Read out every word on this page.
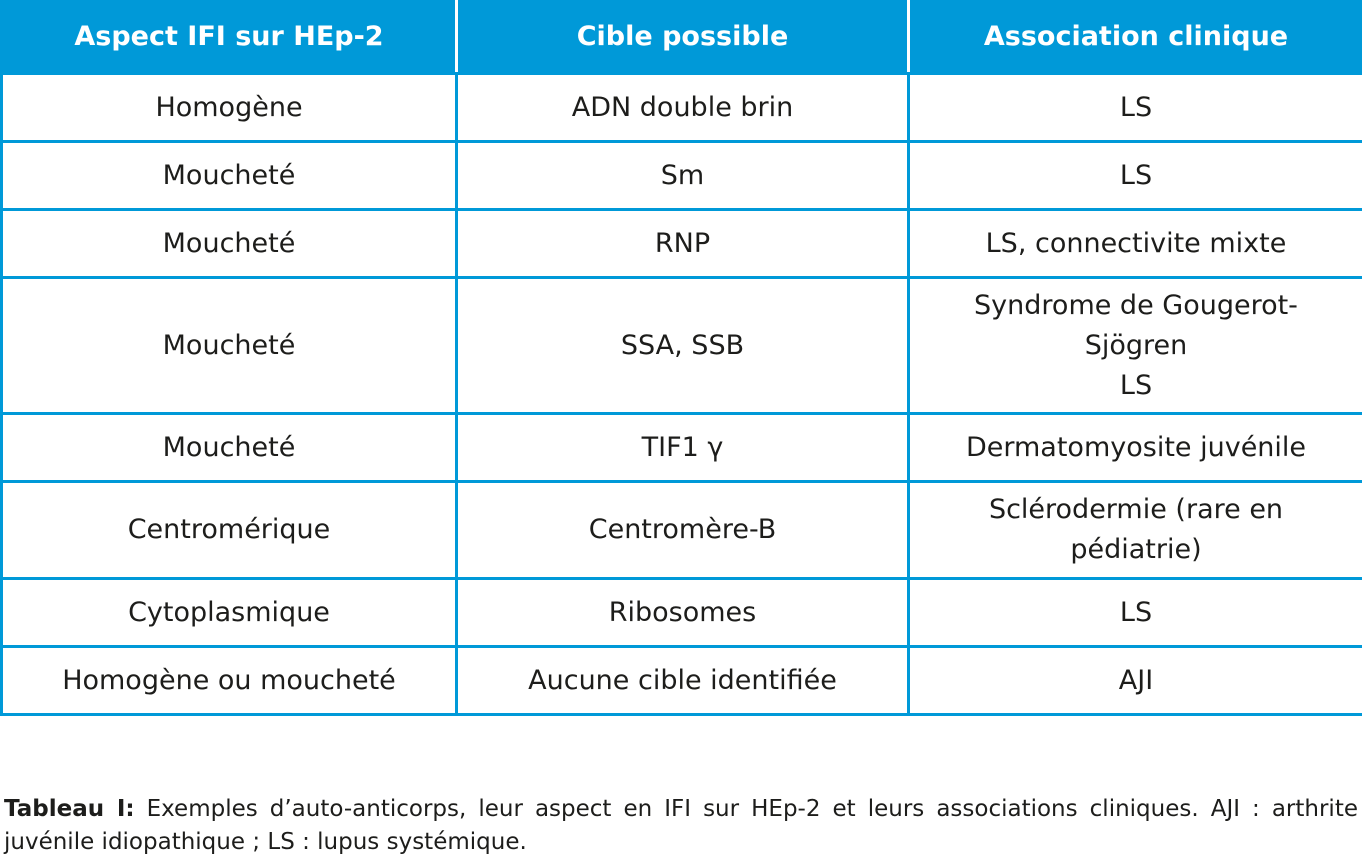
Aspect IFI sur HEp-2	Cible possible	Association clinique
Homogène	ADN double brin	LS

Moucheté	Sm	LS

Moucheté	RNP	LS, connectivite mixte

Moucheté	SSA, SSB	Syndrome de Gougerot-
Sjögren
LS

Moucheté	TIF1 γ	Dermatomyosite juvénile

Centromérique	Centromère-B	Sclérodermie (rare en
pédiatrie)

Cytoplasmique	Ribosomes	LS

Homogène ou moucheté	Aucune cible identifiée	AJI

Tableau I: Exemples d’auto-anticorps, leur aspect en IFI sur HEp-2 et leurs associations cliniques. AJI : arthrite juvénile idiopathique ; LS : lupus systémique.
